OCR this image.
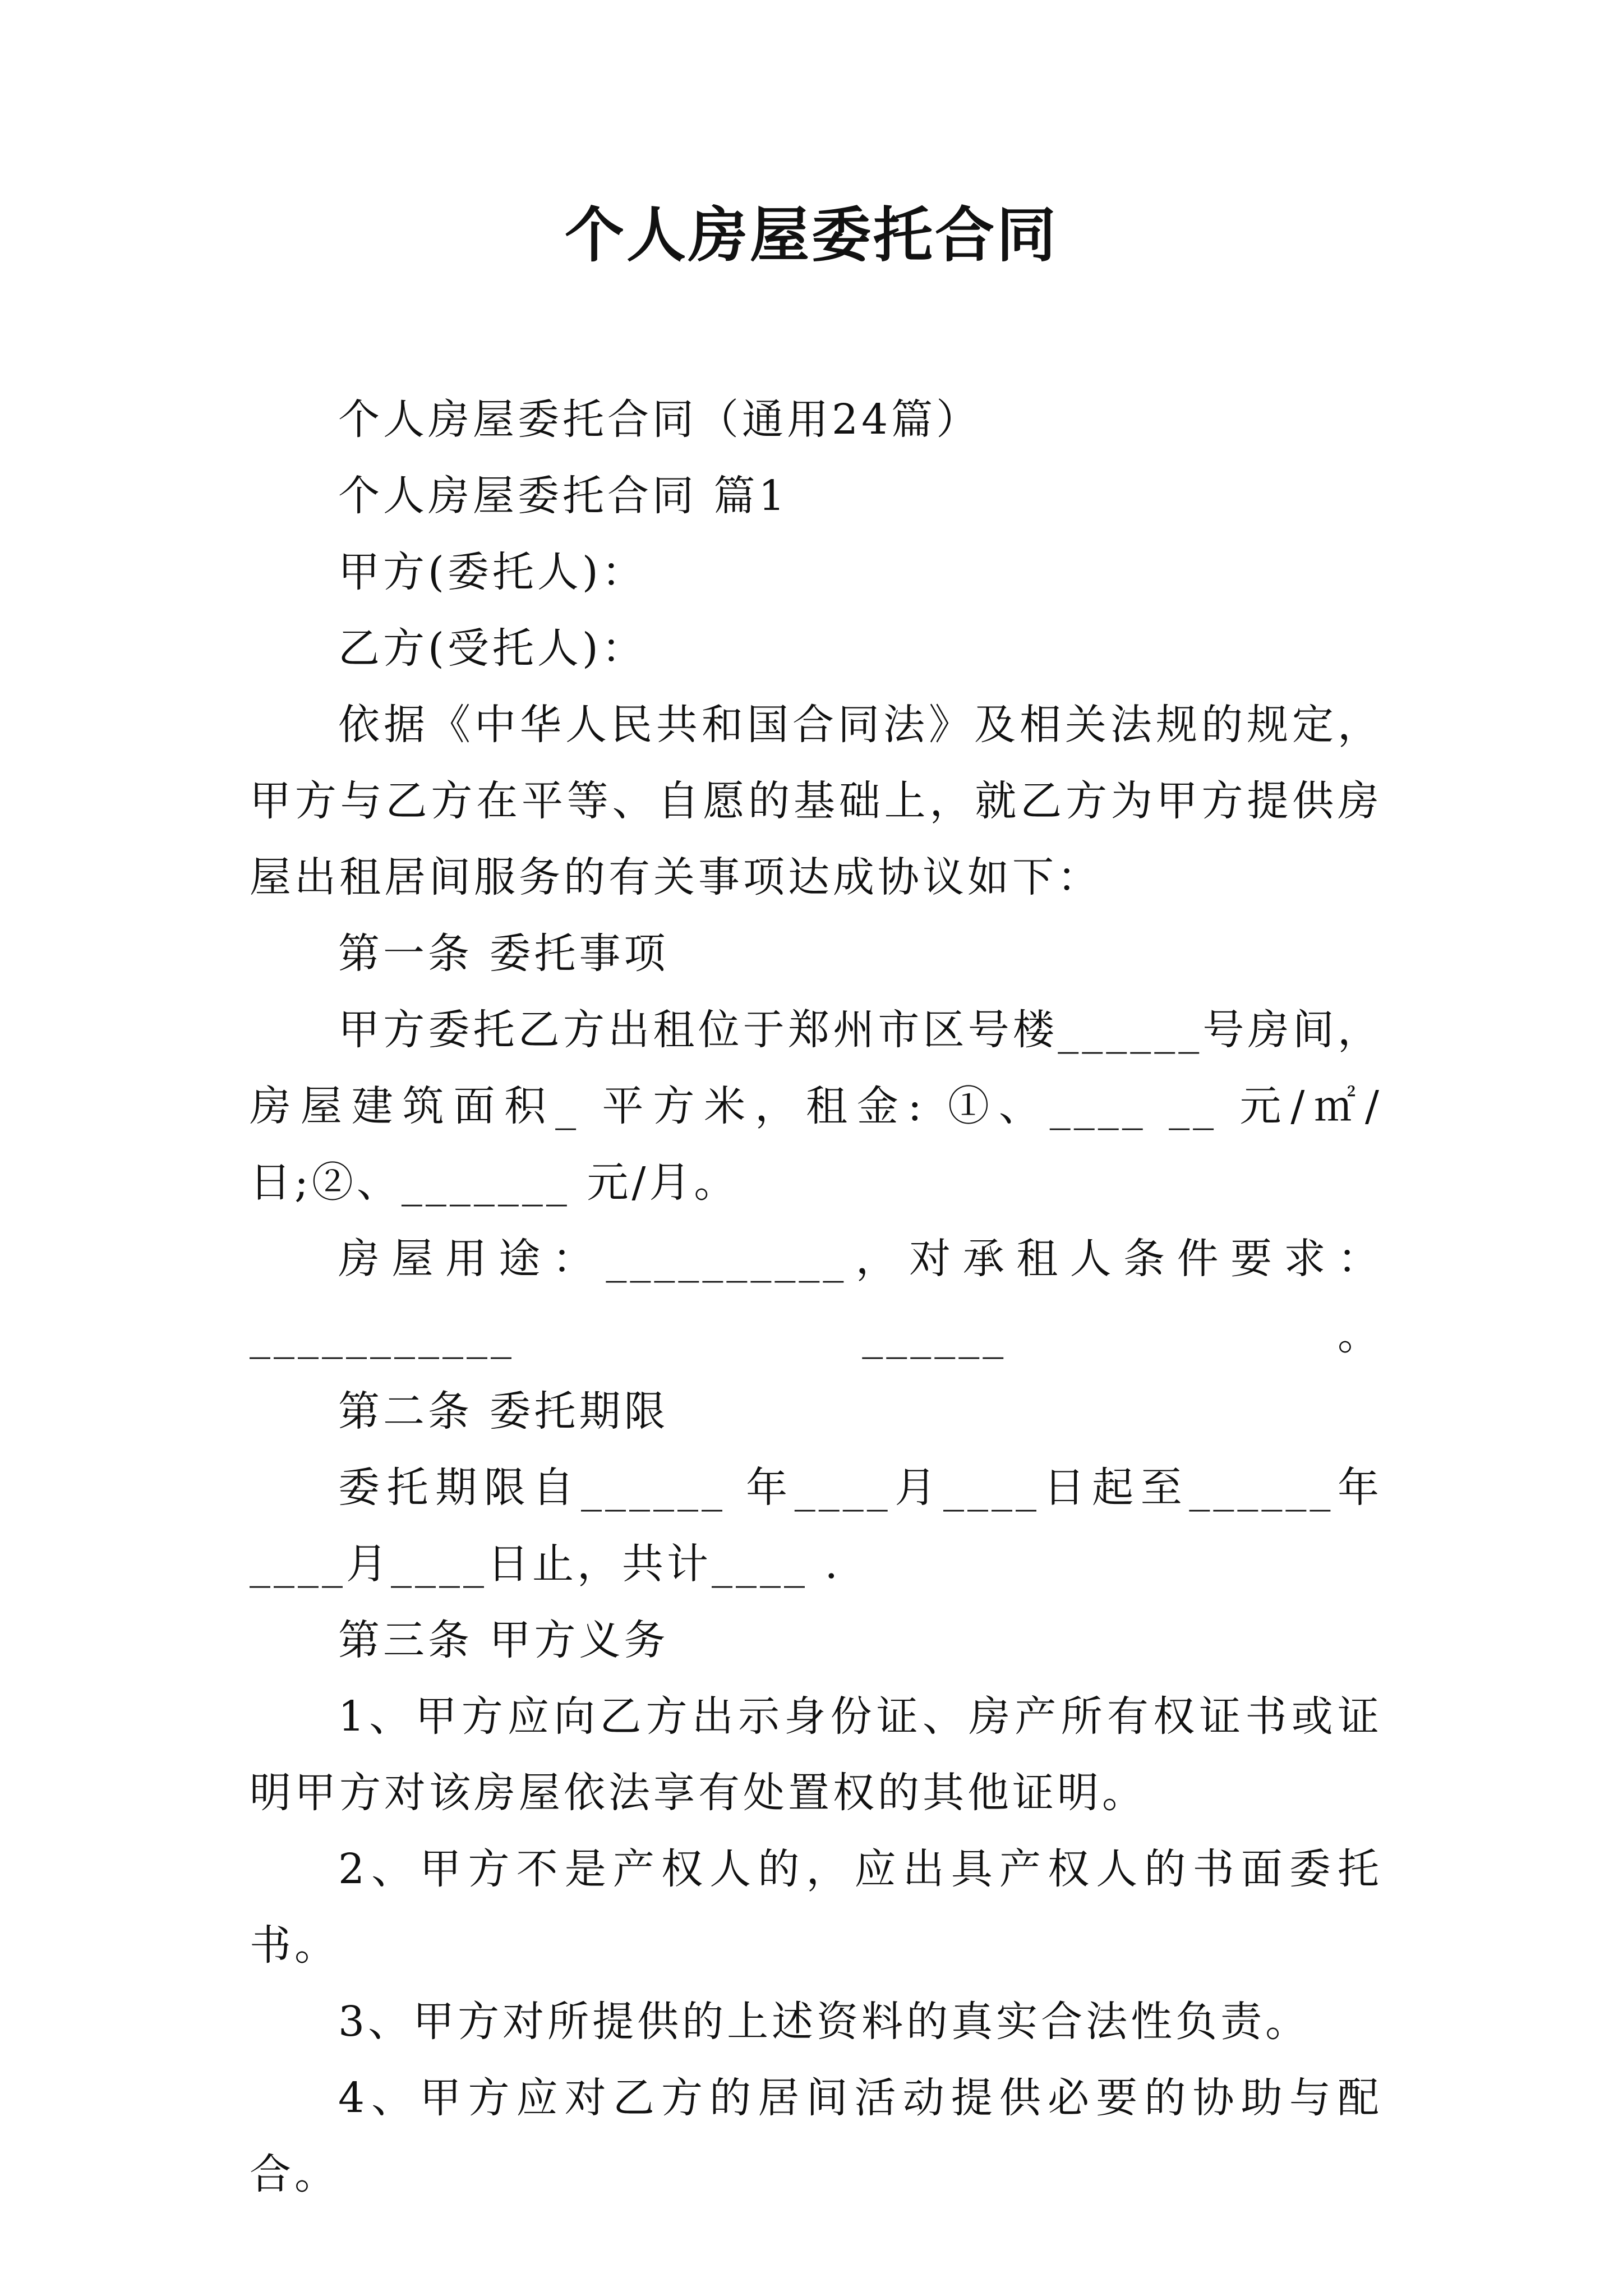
个人房屋委托合同

个人房屋委托合同（通用24篇）

个人房屋委托合同 篇1

甲方(委托人)：

乙方(受托人)：

依据《中华人民共和国合同法》及相关法规的规定，甲方与乙方在平等、自愿的基础上，就乙方为甲方提供房屋出租居间服务的有关事项达成协议如下：

第一条 委托事项

甲方委托乙方出租位于郑州市区号楼______号房间，房屋建筑面积_ 平方米，租金: ①、____ __ 元/㎡/日;②、_______ 元/月。

房屋用途：__________，对承租人条件要求：___________ ______。

第二条 委托期限

委托期限自______ 年____月____日起至______年____月____日止，共计____ .

第三条 甲方义务

1、甲方应向乙方出示身份证、房产所有权证书或证明甲方对该房屋依法享有处置权的其他证明。

2、甲方不是产权人的，应出具产权人的书面委托书。

3、甲方对所提供的上述资料的真实合法性负责。

4、甲方应对乙方的居间活动提供必要的协助与配合。
